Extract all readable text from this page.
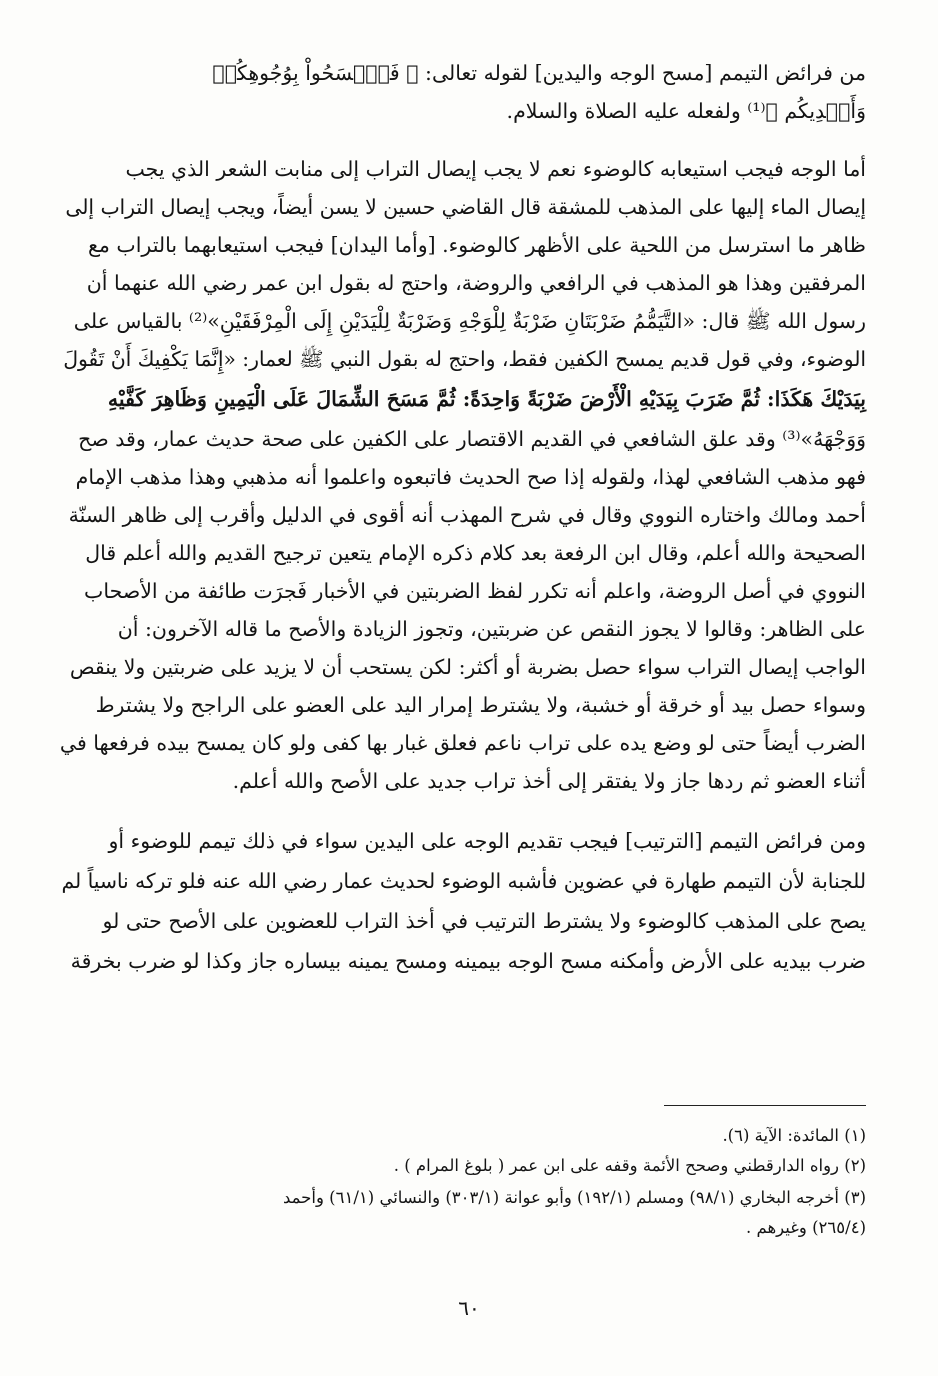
من فرائض التيمم [مسح الوجه واليدين] لقوله تعالى: ﴿ فَٱمۡسَحُواْ بِوُجُوهِكُمۡ
وَأَيۡدِيكُم ﴾⁽¹⁾ ولفعله عليه الصلاة والسلام.
أما الوجه فيجب استيعابه كالوضوء نعم لا يجب إيصال التراب إلى منابت الشعر الذي يجب
إيصال الماء إليها على المذهب للمشقة قال القاضي حسين لا يسن أيضاً، ويجب إيصال التراب إلى
ظاهر ما استرسل من اللحية على الأظهر كالوضوء. [وأما اليدان] فيجب استيعابهما بالتراب مع
المرفقين وهذا هو المذهب في الرافعي والروضة، واحتج له بقول ابن عمر رضي الله عنهما أن
رسول الله ﷺ قال: «التَّيَمُّمُ ضَرْبَتَانِ ضَرْبَةٌ لِلْوَجْهِ وَضَرْبَةٌ لِلْيَدَيْنِ إِلَى الْمِرْفَقَيْنِ»⁽²⁾ بالقياس على
الوضوء، وفي قول قديم يمسح الكفين فقط، واحتج له بقول النبي ﷺ لعمار: «إِنَّمَا يَكْفِيكَ أَنْ تَقُولَ
بِيَدَيْكَ هَكَذَا: ثُمَّ ضَرَبَ بِيَدَيْهِ الْأَرْضَ ضَرْبَةً وَاحِدَةً: ثُمَّ مَسَحَ الشِّمَالَ عَلَى الْيَمِينِ وَظَاهِرَ كَفَّيْهِ
وَوَجْهَهُ»⁽³⁾ وقد علق الشافعي في القديم الاقتصار على الكفين على صحة حديث عمار، وقد صح
فهو مذهب الشافعي لهذا، ولقوله إذا صح الحديث فاتبعوه واعلموا أنه مذهبي وهذا مذهب الإمام
أحمد ومالك واختاره النووي وقال في شرح المهذب أنه أقوى في الدليل وأقرب إلى ظاهر السنّة
الصحيحة والله أعلم، وقال ابن الرفعة بعد كلام ذكره الإمام يتعين ترجيح القديم والله أعلم قال
النووي في أصل الروضة، واعلم أنه تكرر لفظ الضربتين في الأخبار فَجرَت طائفة من الأصحاب
على الظاهر: وقالوا لا يجوز النقص عن ضربتين، وتجوز الزيادة والأصح ما قاله الآخرون: أن
الواجب إيصال التراب سواء حصل بضربة أو أكثر: لكن يستحب أن لا يزيد على ضربتين ولا ينقص
وسواء حصل بيد أو خرقة أو خشبة، ولا يشترط إمرار اليد على العضو على الراجح ولا يشترط
الضرب أيضاً حتى لو وضع يده على تراب ناعم فعلق غبار بها كفى ولو كان يمسح بيده فرفعها في
أثناء العضو ثم ردها جاز ولا يفتقر إلى أخذ تراب جديد على الأصح والله أعلم.
ومن فرائض التيمم [الترتيب] فيجب تقديم الوجه على اليدين سواء في ذلك تيمم للوضوء أو
للجنابة لأن التيمم طهارة في عضوين فأشبه الوضوء لحديث عمار رضي الله عنه فلو تركه ناسياً لم
يصح على المذهب كالوضوء ولا يشترط الترتيب في أخذ التراب للعضوين على الأصح حتى لو
ضرب بيديه على الأرض وأمكنه مسح الوجه بيمينه ومسح يمينه بيساره جاز وكذا لو ضرب بخرقة
(١) المائدة: الآية (٦).
(٢) رواه الدارقطني وصحح الأئمة وقفه على ابن عمر ( بلوغ المرام ) .
(٣) أخرجه البخاري (٩٨/١) ومسلم (١٩٢/١) وأبو عوانة (٣٠٣/١) والنسائي (٦١/١) وأحمد
(٢٦٥/٤) وغيرهم .
٦٠
